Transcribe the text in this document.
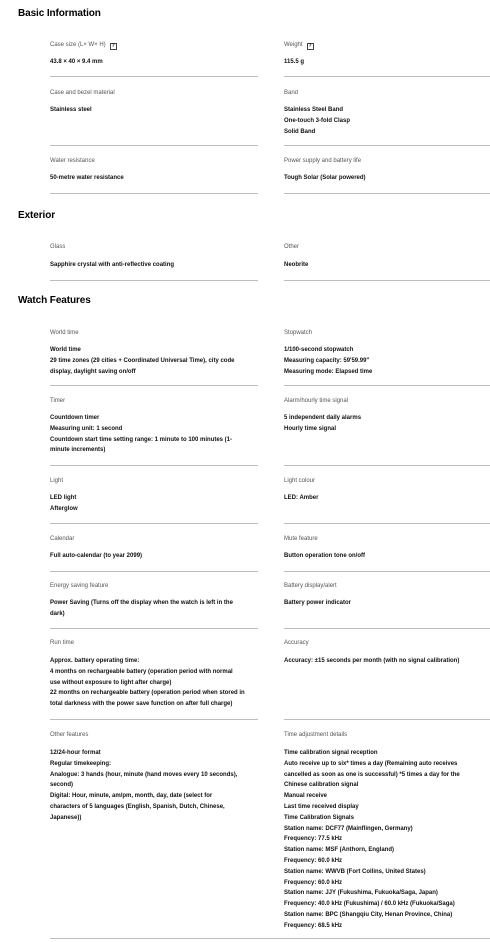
Basic Information
Case size (L× W× H) ?
43.8 × 40 × 9.4 mm
Weight ?
115.5 g
Case and bezel material
Stainless steel
Band
Stainless Steel Band
One-touch 3-fold Clasp
Solid Band
Water resistance
50-metre water resistance
Power supply and battery life
Tough Solar (Solar powered)
Exterior
Glass
Sapphire crystal with anti-reflective coating
Other
Neobrite
Watch Features
World time
World time
29 time zones (29 cities + Coordinated Universal Time), city code
display, daylight saving on/off
Stopwatch
1/100-second stopwatch
Measuring capacity: 59'59.99''
Measuring mode: Elapsed time
Timer
Countdown timer
Measuring unit: 1 second
Countdown start time setting range: 1 minute to 100 minutes (1-
minute increments)
Alarm/hourly time signal
5 independent daily alarms
Hourly time signal
Light
LED light
Afterglow
Light colour
LED: Amber
Calendar
Full auto-calendar (to year 2099)
Mute feature
Button operation tone on/off
Energy saving feature
Power Saving (Turns off the display when the watch is left in the
dark)
Battery display/alert
Battery power indicator
Run time
Approx. battery operating time:
4 months on rechargeable battery (operation period with normal
use without exposure to light after charge)
22 months on rechargeable battery (operation period when stored in
total darkness with the power save function on after full charge)
Accuracy
Accuracy: ±15 seconds per month (with no signal calibration)
Other features
12/24-hour format
Regular timekeeping:
Analogue: 3 hands (hour, minute (hand moves every 10 seconds),
second)
Digital: Hour, minute, am/pm, month, day, date (select for
characters of 5 languages (English, Spanish, Dutch, Chinese,
Japanese))
Time adjustment details
Time calibration signal reception
Auto receive up to six* times a day (Remaining auto receives
cancelled as soon as one is successful) *5 times a day for the
Chinese calibration signal
Manual receive
Last time received display
Time Calibration Signals
Station name: DCF77 (Mainflingen, Germany)
Frequency: 77.5 kHz
Station name: MSF (Anthorn, England)
Frequency: 60.0 kHz
Station name: WWVB (Fort Collins, United States)
Frequency: 60.0 kHz
Station name: JJY (Fukushima, Fukuoka/Saga, Japan)
Frequency: 40.0 kHz (Fukushima) / 60.0 kHz (Fukuoka/Saga)
Station name: BPC (Shangqiu City, Henan Province, China)
Frequency: 68.5 kHz
